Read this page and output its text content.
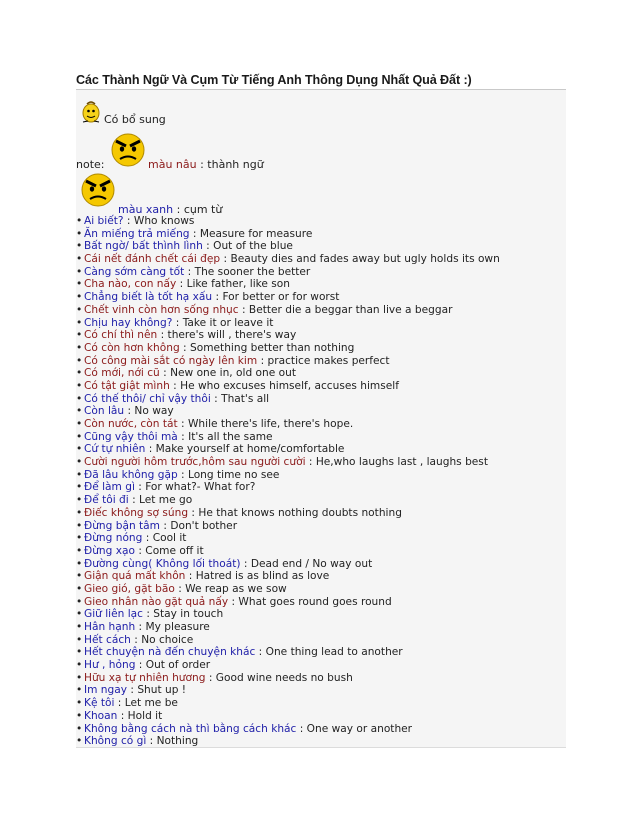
Các Thành Ngữ Và Cụm Từ Tiếng Anh Thông Dụng Nhất Quả Đất :)
Có bổ sung
note:	màu nâu : thành ngữ
màu xanh : cụm từ
• Ai biết? : Who knows
• Ăn miếng trả miếng : Measure for measure
• Bất ngờ/ bất thình lình : Out of the blue
• Cái nết đánh chết cái đẹp : Beauty dies and fades away but ugly holds its own
• Càng sớm càng tốt : The sooner the better
• Cha nào, con nấy : Like father, like son
• Chẳng biết là tốt hạ xấu : For better or for worst
• Chết vinh còn hơn sống nhục : Better die a beggar than live a beggar
• Chịu hay không? : Take it or leave it
• Có chí thì nên : there's will , there's way
• Có còn hơn không : Something better than nothing
• Có công mài sắt có ngày lên kim : practice makes perfect
• Có mới, nới cũ : New one in, old one out
• Có tật giật mình : He who excuses himself, accuses himself
• Có thế thôi/ chỉ vậy thôi : That's all
• Còn lâu : No way
• Còn nước, còn tát : While there's life, there's hope.
• Cũng vậy thôi mà : It's all the same
• Cứ tự nhiên : Make yourself at home/comfortable
• Cười người hôm trước,hôm sau người cười : He,who laughs last , laughs best
• Đã lâu không gặp : Long time no see
• Để làm gì : For what?- What for?
• Để tôi đi : Let me go
• Điếc không sợ súng : He that knows nothing doubts nothing
• Đừng bận tâm : Don't bother
• Đừng nóng : Cool it
• Đừng xạo : Come off it
• Đường cùng( Không lối thoát) : Dead end / No way out
• Giận quá mất khôn : Hatred is as blind as love
• Gieo gió, gặt bão : We reap as we sow
• Gieo nhân nào gặt quả nấy : What goes round goes round
• Giữ liên lạc : Stay in touch
• Hân hạnh : My pleasure
• Hết cách : No choice
• Hết chuyện nà đến chuyện khác : One thing lead to another
• Hư , hỏng : Out of order
• Hữu xạ tự nhiên hương : Good wine needs no bush
• Im ngay : Shut up !
• Kệ tôi : Let me be
• Khoan : Hold it
• Không bằng cách nà thì bằng cách khác : One way or another
• Không có gì : Nothing
